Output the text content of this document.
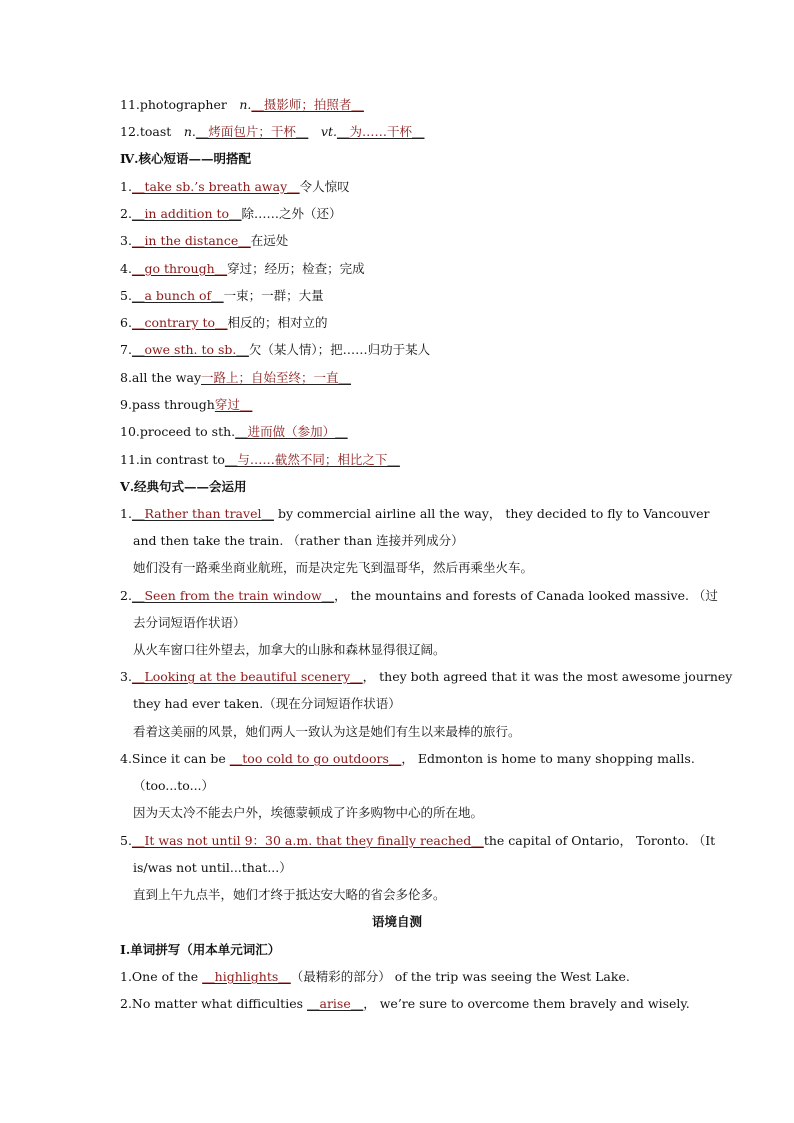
11.photographer　n.＿摄影师；拍照者＿
12.toast　n.＿烤面包片；干杯＿　 vt.＿为……干杯＿
Ⅳ.核心短语——明搭配
1.＿take sb.’s breath away＿令人惊叹
2.＿in addition to＿除……之外（还）
3.＿in the distance＿在远处
4.＿go through＿穿过；经历；检查；完成
5.＿a bunch of＿一束；一群；大量
6.＿contrary to＿相反的；相对立的
7.＿owe sth. to sb.＿欠（某人情）；把……归功于某人
8.all the way一路上；自始至终；一直＿
9.pass through穿过＿
10.proceed to sth.＿进而做（参加）＿
11.in contrast to＿与……截然不同；相比之下＿
Ⅴ.经典句式——会运用
1.＿Rather than travel＿ by commercial airline all the way， they decided to fly to Vancouver
and then take the train. （rather than 连接并列成分）
她们没有一路乘坐商业航班，而是决定先飞到温哥华，然后再乘坐火车。
2.＿Seen from the train window＿， the mountains and forests of Canada looked massive. （过
去分词短语作状语）
从火车窗口往外望去，加拿大的山脉和森林显得很辽阔。
3.＿Looking at the beautiful scenery＿， they both agreed that it was the most awesome journey
they had ever taken.（现在分词短语作状语）
看着这美丽的风景，她们两人一致认为这是她们有生以来最棒的旅行。
4.Since it can be ＿too cold to go outdoors＿， Edmonton is home to many shopping malls.
（too...to...）
因为天太冷不能去户外，埃德蒙顿成了许多购物中心的所在地。
5.＿It was not until 9：30 a.m. that they finally reached＿the capital of Ontario， Toronto. （It
is/was not until...that...）
直到上午九点半，她们才终于抵达安大略的省会多伦多。
语境自测
Ⅰ.单词拼写（用本单元词汇）
1.One of the ＿highlights＿（最精彩的部分） of the trip was seeing the West Lake.
2.No matter what difficulties ＿arise＿， we’re sure to overcome them bravely and wisely.
